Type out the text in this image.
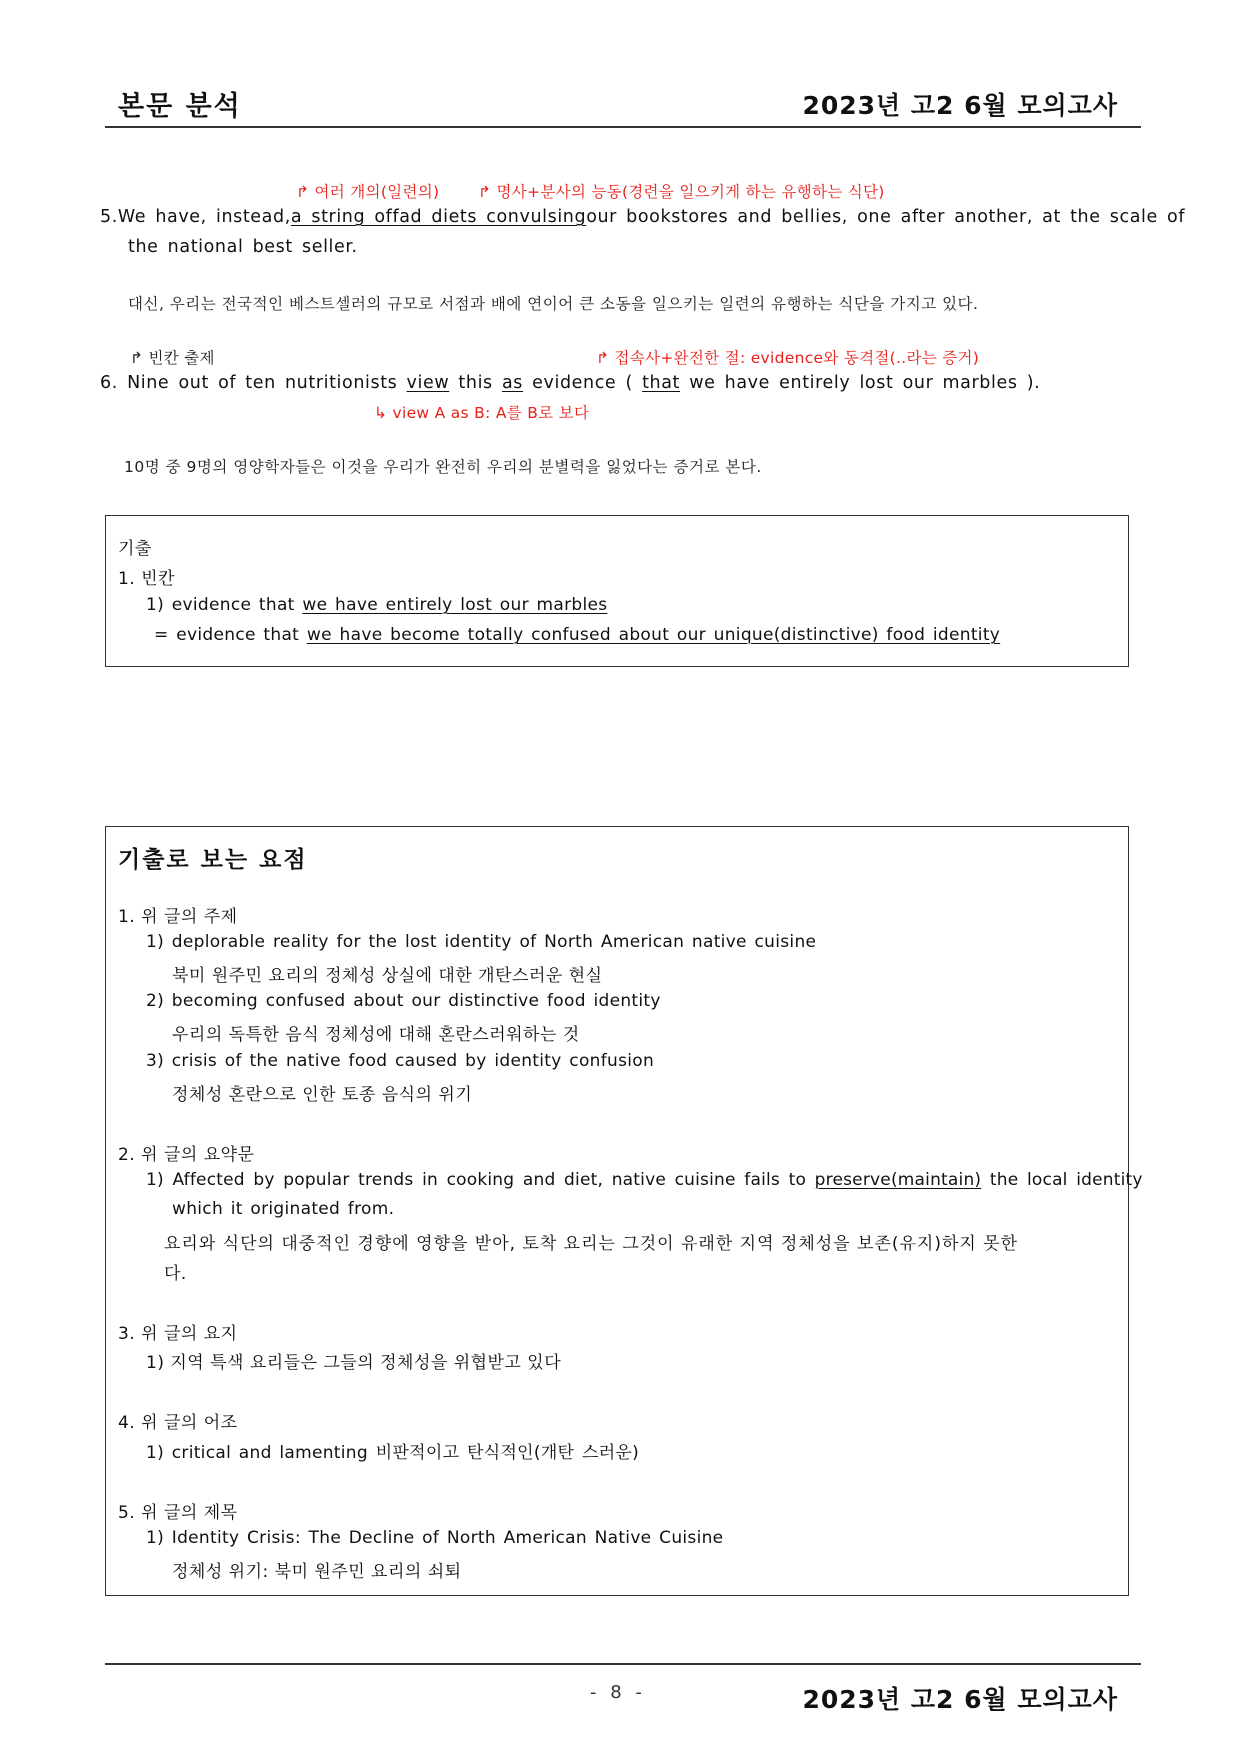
본문 분석	2023년 고2 6월 모의고사
↱ 여러 개의(일련의) ↱ 명사+분사의 능동(경련을 일으키게 하는 유행하는 식단)
5. We have, instead, a string of fad diets convulsing our bookstores and bellies, one after another, at the scale of
the national best seller.
대신, 우리는 전국적인 베스트셀러의 규모로 서점과 배에 연이어 큰 소동을 일으키는 일련의 유행하는 식단을 가지고 있다.
↱ 빈칸 출제	↱ 접속사+완전한 절: evidence와 동격절(..라는 증거)
6. Nine out of ten nutritionists view this as evidence ( that we have entirely lost our marbles ).
↳ view A as B: A를 B로 보다
10명 중 9명의 영양학자들은 이것을 우리가 완전히 우리의 분별력을 잃었다는 증거로 본다.
기출
1. 빈칸
1) evidence that we have entirely lost our marbles
= evidence that we have become totally confused about our unique(distinctive) food identity
기출로 보는 요점
1. 위 글의 주제
1) deplorable reality for the lost identity of North American native cuisine
북미 원주민 요리의 정체성 상실에 대한 개탄스러운 현실
2) becoming confused about our distinctive food identity
우리의 독특한 음식 정체성에 대해 혼란스러워하는 것
3) crisis of the native food caused by identity confusion
정체성 혼란으로 인한 토종 음식의 위기
2. 위 글의 요약문
1) Affected by popular trends in cooking and diet, native cuisine fails to preserve(maintain) the local identity
which it originated from.
요리와 식단의 대중적인 경향에 영향을 받아, 토착 요리는 그것이 유래한 지역 정체성을 보존(유지)하지 못한
다.
3. 위 글의 요지
1) 지역 특색 요리들은 그들의 정체성을 위협받고 있다
4. 위 글의 어조
1) critical and lamenting 비판적이고 탄식적인(개탄 스러운)
5. 위 글의 제목
1) Identity Crisis: The Decline of North American Native Cuisine
정체성 위기: 북미 원주민 요리의 쇠퇴
- 8 -	2023년 고2 6월 모의고사
